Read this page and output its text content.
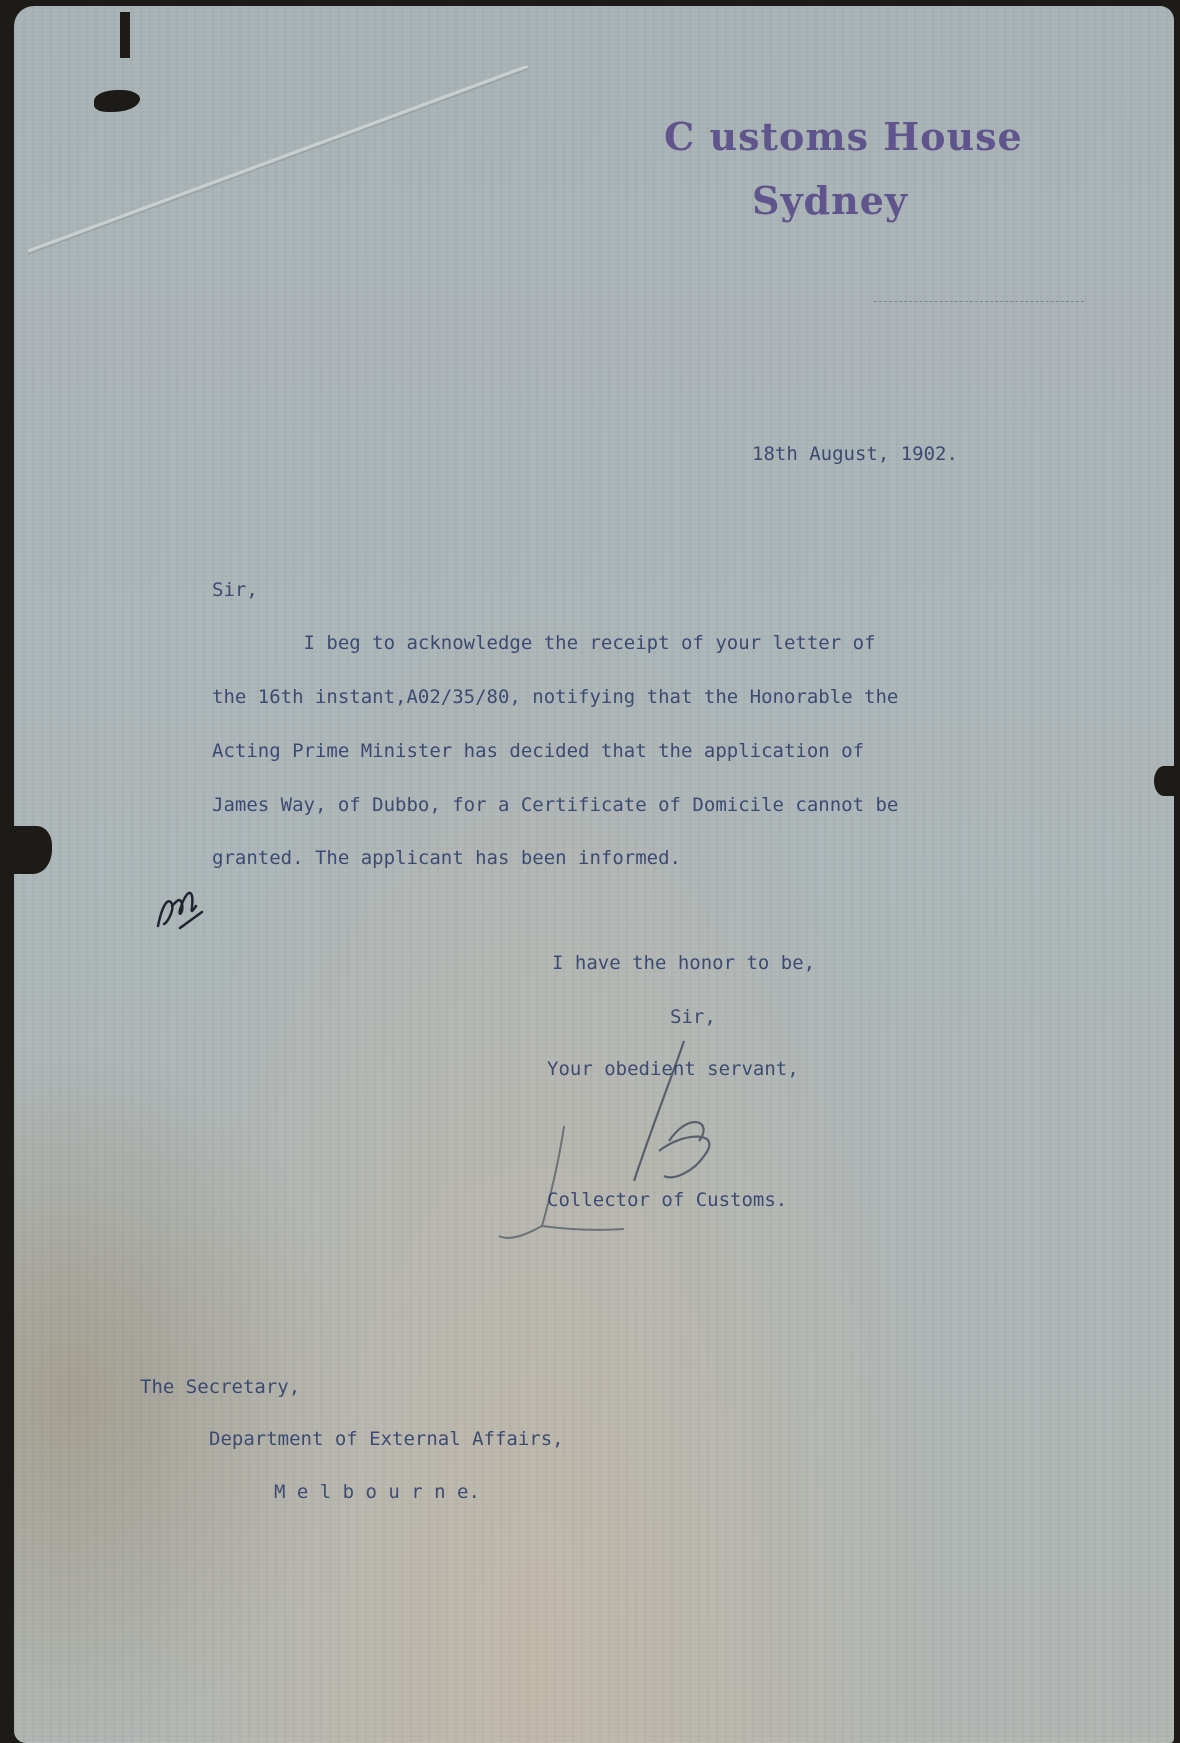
C ustoms House
Sydney
18th August, 1902.
Sir,
I beg to acknowledge the receipt of your letter of
the 16th instant,A02/35/80, notifying that the Honorable the
Acting Prime Minister has decided that the application of
James Way, of Dubbo, for a Certificate of Domicile cannot be
granted. The applicant has been informed.
I have the honor to be,
Sir,
Your obedient servant,
Collector of Customs.
The Secretary,
Department of External Affairs,
M e l b o u r n e.
